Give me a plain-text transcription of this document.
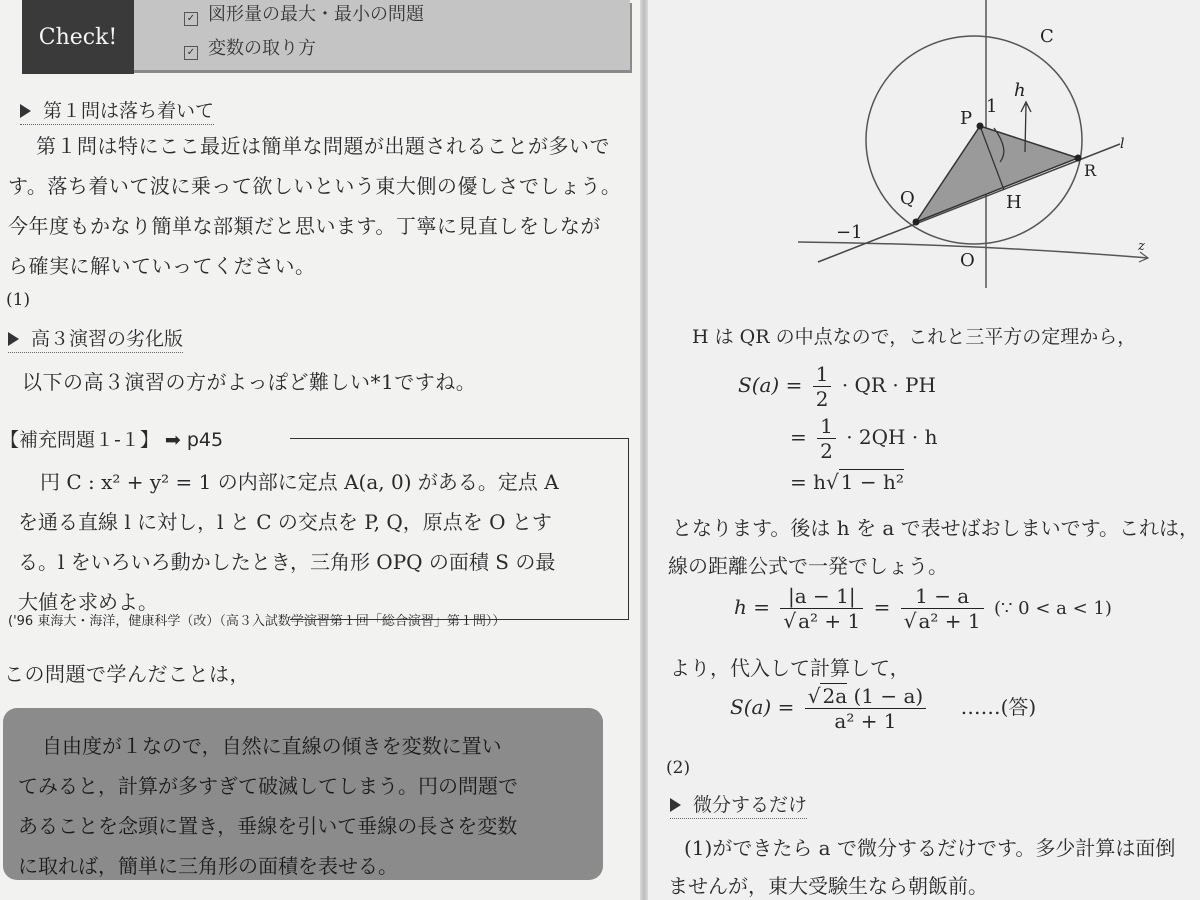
Check!
✓ 図形量の最大・最小の問題
✓ 変数の取り方
第１問は落ち着いて

第１問は特にここ最近は簡単な問題が出題されることが多いで

す。落ち着いて波に乗って欲しいという東大側の優しさでしょう。

今年度もかなり簡単な部類だと思います。丁寧に見直しをしなが

ら確実に解いていってください。

(1)
高３演習の劣化版
以下の高３演習の方がよっぽど難しい*1ですね。
【補充問題１-１】 ➡ p45

円 C : x² + y² = 1 の内部に定点 A(a, 0) がある。定点 A

を通る直線 l に対し，l と C の交点を P, Q，原点を O とす

る。l をいろいろ動かしたとき，三角形 OPQ の面積 S の最

大値を求めよ。

('96 東海大・海洋，健康科学（改）（高３入試数学演習第１回「総合演習」第１問））
この問題で学んだことは，

自由度が１なので，自然に直線の傾きを変数に置い

てみると，計算が多すぎて破滅してしまう。円の問題で

あることを念頭に置き，垂線を引いて垂線の長さを変数

に取れば，簡単に三角形の面積を表せる。

C
P
1
h
l
R
H
Q
−1
O
z
H は QR の中点なので，これと三平方の定理から，
$S(a) = \frac{1}{2}$ · QR · PH
= $\frac{1}{2} \cdot 2QH \cdot h$
= h√ 1 − h²
となります。後は h を a で表せばおしまいです。これは，
線の距離公式で一発でしょう。
$h = \frac{|a - 1|}{\text{√ a² + 1}} = \frac{1 - a}{\text{√ a² + 1}}$ (∵ 0 < a < 1)
より，代入して計算して，
$S(a) = \frac{√ 2a (1 - a)}{\text{a² + 1}}$ ……(答)
(2)
微分するだけ
(1)ができたら a で微分するだけです。多少計算は面倒
ませんが，東大受験生なら朝飯前。
